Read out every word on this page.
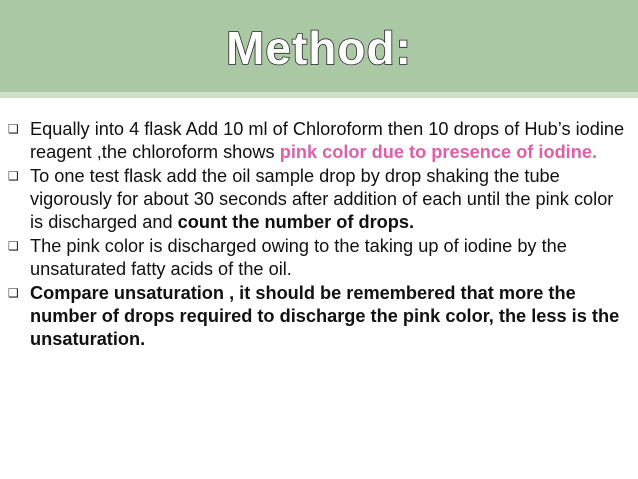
Method:
❑ Equally into 4 flask Add 10 ml of Chloroform then 10 drops of Hub’s iodine reagent ,the chloroform shows pink color due to presence of iodine.
❑ To one test flask add the oil sample drop by drop shaking the tube vigorously for about 30 seconds after addition of each until the pink color is discharged and count the number of drops.
❑ The pink color is discharged owing to the taking up of iodine by the unsaturated fatty acids of the oil.
❑ Compare unsaturation , it should be remembered that more the number of drops required to discharge the pink color, the less is the unsaturation.
